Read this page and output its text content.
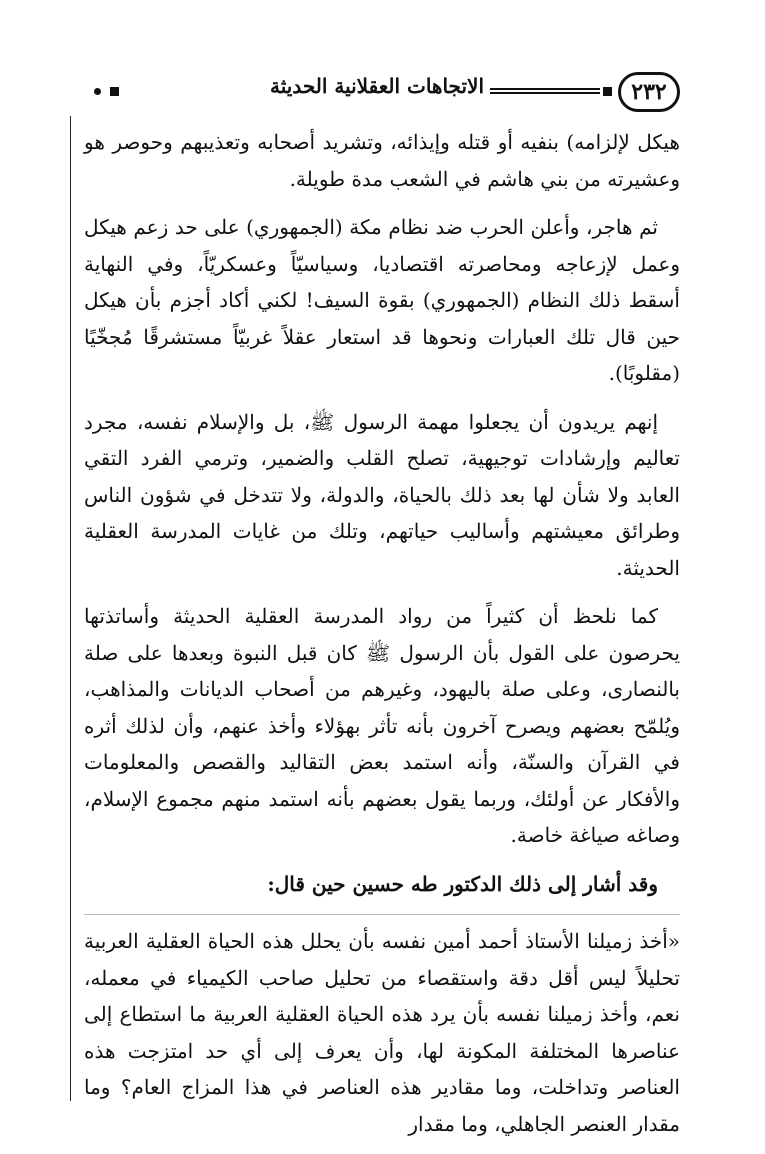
٢٣٢
الاتجاهات العقلانية الحديثة

هيكل لإلزامه) بنفيه أو قتله وإيذائه، وتشريد أصحابه وتعذيبهم وحوصر هو وعشيرته من بني هاشم في الشعب مدة طويلة.

ثم هاجر، وأعلن الحرب ضد نظام مكة (الجمهوري) على حد زعم هيكل وعمل لإزعاجه ومحاصرته اقتصاديا، وسياسيّاً وعسكريّاً، وفي النهاية أسقط ذلك النظام (الجمهوري) بقوة السيف! لكني أكاد أجزم بأن هيكل حين قال تلك العبارات ونحوها قد استعار عقلاً غربيّاً مستشرقًا مُجخّيًا (مقلوبًا).

إنهم يريدون أن يجعلوا مهمة الرسول ﷺ، بل والإسلام نفسه، مجرد تعاليم وإرشادات توجيهية، تصلح القلب والضمير، وترمي الفرد التقي العابد ولا شأن لها بعد ذلك بالحياة، والدولة، ولا تتدخل في شؤون الناس وطرائق معيشتهم وأساليب حياتهم، وتلك من غايات المدرسة العقلية الحديثة.

كما نلحظ أن كثيراً من رواد المدرسة العقلية الحديثة وأساتذتها يحرصون على القول بأن الرسول ﷺ كان قبل النبوة وبعدها على صلة بالنصارى، وعلى صلة باليهود، وغيرهم من أصحاب الديانات والمذاهب، ويُلمّح بعضهم ويصرح آخرون بأنه تأثر بهؤلاء وأخذ عنهم، وأن لذلك أثره في القرآن والسنّة، وأنه استمد بعض التقاليد والقصص والمعلومات والأفكار عن أولئك، وربما يقول بعضهم بأنه استمد منهم مجموع الإسلام، وصاغه صياغة خاصة.

وقد أشار إلى ذلك الدكتور طه حسين حين قال:

«أخذ زميلنا الأستاذ أحمد أمين نفسه بأن يحلل هذه الحياة العقلية العربية تحليلاً ليس أقل دقة واستقصاء من تحليل صاحب الكيمياء في معمله، نعم، وأخذ زميلنا نفسه بأن يرد هذه الحياة العقلية العربية ما استطاع إلى عناصرها المختلفة المكونة لها، وأن يعرف إلى أي حد امتزجت هذه العناصر وتداخلت، وما مقادير هذه العناصر في هذا المزاج العام؟ وما مقدار العنصر الجاهلي، وما مقدار
